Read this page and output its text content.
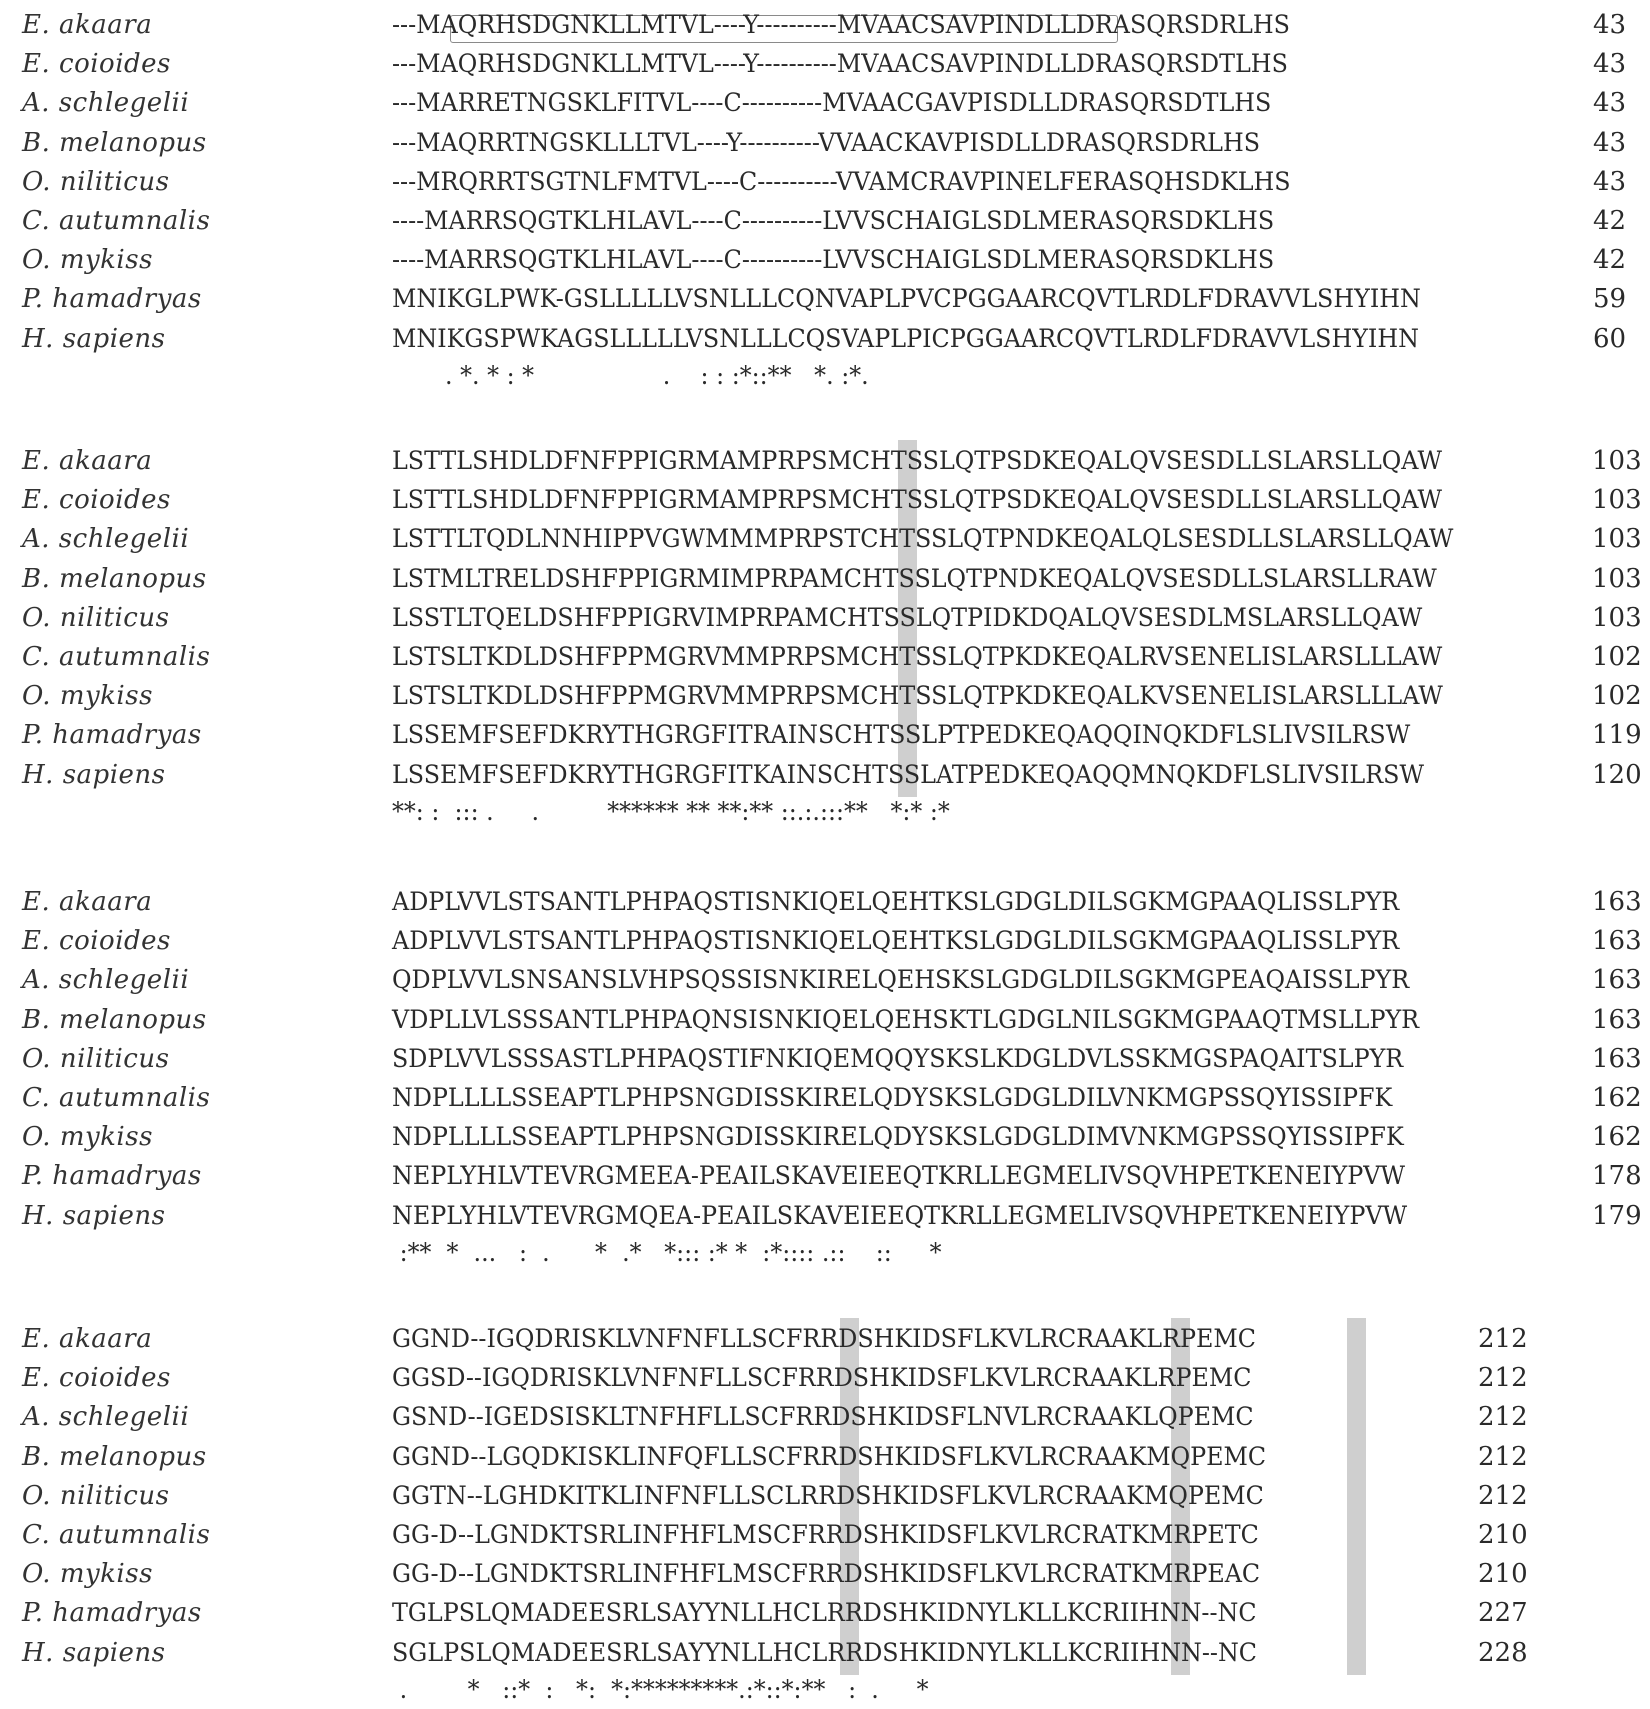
E. akaara	---MAQRHSDGNKLLMTVL----Y----------MVAACSAVPINDLLDRASQRSDRLHS	43
E. coioides	---MAQRHSDGNKLLMTVL----Y----------MVAACSAVPINDLLDRASQRSDTLHS	43
A. schlegelii	---MARRETNGSKLFITVL----C----------MVAACGAVPISDLLDRASQRSDTLHS	43
B. melanopus	---MAQRRTNGSKLLLTVL----Y----------VVAACKAVPISDLLDRASQRSDRLHS	43
O. niliticus	---MRQRRTSGTNLFMTVL----C----------VVAMCRAVPINELFERASQHSDKLHS	43
C. autumnalis	----MARRSQGTKLHLAVL----C----------LVVSCHAIGLSDLMERASQRSDKLHS	42
O. mykiss	----MARRSQGTKLHLAVL----C----------LVVSCHAIGLSDLMERASQRSDKLHS	42
P. hamadryas	MNIKGLPWK-GSLLLLLVSNLLLCQNVAPLPVCPGGAARCQVTLRDLFDRAVVLSHYIHN	59
H. sapiens	MNIKGSPWKAGSLLLLLVSNLLLCQSVAPLPICPGGAARCQVTLRDLFDRAVVLSHYIHN	60
. *. * : *                 .    : : :*::**   *. :*.
E. akaara	LSTTLSHDLDFNFPPIGRMAMPRPSMCHTSSLQTPSDKEQALQVSESDLLSLARSLLQAW	103
E. coioides	LSTTLSHDLDFNFPPIGRMAMPRPSMCHTSSLQTPSDKEQALQVSESDLLSLARSLLQAW	103
A. schlegelii	LSTTLTQDLNNHIPPVGWMMMPRPSTCHTSSLQTPNDKEQALQLSESDLLSLARSLLQAW	103
B. melanopus	LSTMLTRELDSHFPPIGRMIMPRPAMCHTSSLQTPNDKEQALQVSESDLLSLARSLLRAW	103
O. niliticus	LSSTLTQELDSHFPPIGRVIMPRPAMCHTSSLQTPIDKDQALQVSESDLMSLARSLLQAW	103
C. autumnalis	LSTSLTKDLDSHFPPMGRVMMPRPSMCHTSSLQTPKDKEQALRVSENELISLARSLLLAW	102
O. mykiss	LSTSLTKDLDSHFPPMGRVMMPRPSMCHTSSLQTPKDKEQALKVSENELISLARSLLLAW	102
P. hamadryas	LSSEMFSEFDKRYTHGRGFITRAINSCHTSSLPTPEDKEQAQQINQKDFLSLIVSILRSW	119
H. sapiens	LSSEMFSEFDKRYTHGRGFITKAINSCHTSSLATPEDKEQAQQMNQKDFLSLIVSILRSW	120
**: :  ::: .     .         ****** ** **:** ::.:.:::**   *:* :*
E. akaara	ADPLVVLSTSANTLPHPAQSTISNKIQELQEHTKSLGDGLDILSGKMGPAAQLISSLPYR	163
E. coioides	ADPLVVLSTSANTLPHPAQSTISNKIQELQEHTKSLGDGLDILSGKMGPAAQLISSLPYR	163
A. schlegelii	QDPLVVLSNSANSLVHPSQSSISNKIRELQEHSKSLGDGLDILSGKMGPEAQAISSLPYR	163
B. melanopus	VDPLLVLSSSANTLPHPAQNSISNKIQELQEHSKTLGDGLNILSGKMGPAAQTMSLLPYR	163
O. niliticus	SDPLVVLSSSASTLPHPAQSTIFNKIQEMQQYSKSLKDGLDVLSSKMGSPAQAITSLPYR	163
C. autumnalis	NDPLLLLSSEAPTLPHPSNGDISSKIRELQDYSKSLGDGLDILVNKMGPSSQYISSIPFK	162
O. mykiss	NDPLLLLSSEAPTLPHPSNGDISSKIRELQDYSKSLGDGLDIMVNKMGPSSQYISSIPFK	162
P. hamadryas	NEPLYHLVTEVRGMEEA-PEAILSKAVEIEEQTKRLLEGMELIVSQVHPETKENEIYPVW	178
H. sapiens	NEPLYHLVTEVRGMQEA-PEAILSKAVEIEEQTKRLLEGMELIVSQVHPETKENEIYPVW	179
:**  *  ...   :  .      *  .*   *::: :* *  :*:::: .::    ::     *
E. akaara	GGND--IGQDRISKLVNFNFLLSCFRRDSHKIDSFLKVLRCRAAKLRPEMC	212
E. coioides	GGSD--IGQDRISKLVNFNFLLSCFRRDSHKIDSFLKVLRCRAAKLRPEMC	212
A. schlegelii	GSND--IGEDSISKLTNFHFLLSCFRRDSHKIDSFLNVLRCRAAKLQPEMC	212
B. melanopus	GGND--LGQDKISKLINFQFLLSCFRRDSHKIDSFLKVLRCRAAKMQPEMC	212
O. niliticus	GGTN--LGHDKITKLINFNFLLSCLRRDSHKIDSFLKVLRCRAAKMQPEMC	212
C. autumnalis	GG-D--LGNDKTSRLINFHFLMSCFRRDSHKIDSFLKVLRCRATKMRPETC	210
O. mykiss	GG-D--LGNDKTSRLINFHFLMSCFRRDSHKIDSFLKVLRCRATKMRPEAC	210
P. hamadryas	TGLPSLQMADEESRLSAYYNLLHCLRRDSHKIDNYLKLLKCRIIHNN--NC	227
H. sapiens	SGLPSLQMADEESRLSAYYNLLHCLRRDSHKIDNYLKLLKCRIIHNN--NC	228
.        *   ::*  :   *:  *:*********.:*::*:**   :  .     *
